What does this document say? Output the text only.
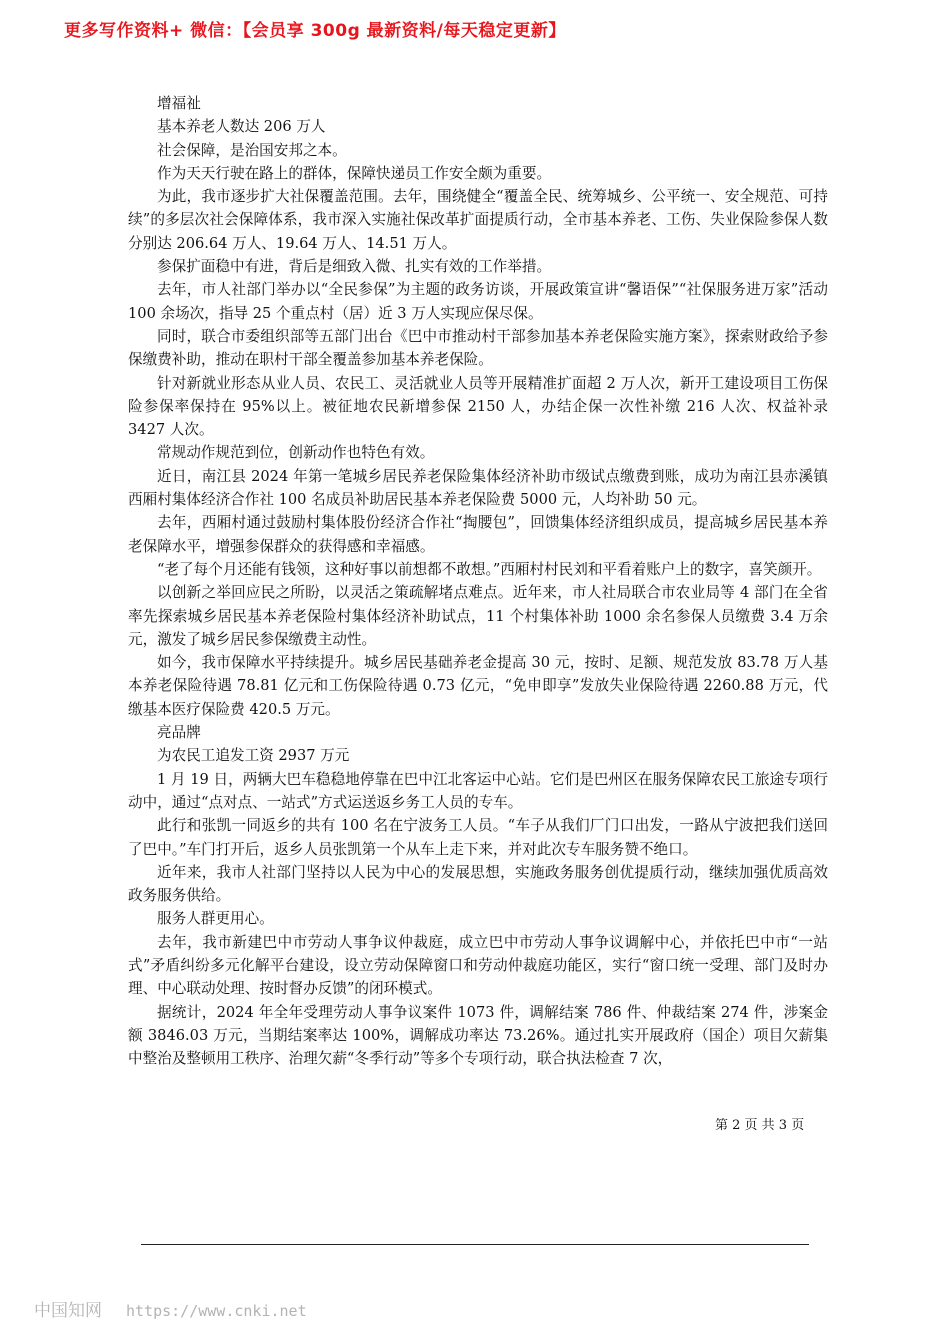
更多写作资料+ 微信：【会员享 300g 最新资料/每天稳定更新】

增福祉

基本养老人数达 206 万人

社会保障，是治国安邦之本。

作为天天行驶在路上的群体，保障快递员工作安全颇为重要。

为此，我市逐步扩大社保覆盖范围。去年，围绕健全“覆盖全民、统筹城乡、公平统一、安全规范、可持续”的多层次社会保障体系，我市深入实施社保改革扩面提质行动，全市基本养老、工伤、失业保险参保人数分别达 206.64 万人、19.64 万人、14.51 万人。

参保扩面稳中有进，背后是细致入微、扎实有效的工作举措。

去年，市人社部门举办以“全民参保”为主题的政务访谈，开展政策宣讲“馨语保”“社保服务进万家”活动 100 余场次，指导 25 个重点村（居）近 3 万人实现应保尽保。

同时，联合市委组织部等五部门出台《巴中市推动村干部参加基本养老保险实施方案》，探索财政给予参保缴费补助，推动在职村干部全覆盖参加基本养老保险。

针对新就业形态从业人员、农民工、灵活就业人员等开展精准扩面超 2 万人次，新开工建设项目工伤保险参保率保持在 95%以上。被征地农民新增参保 2150 人，办结企保一次性补缴 216 人次、权益补录 3427 人次。

常规动作规范到位，创新动作也特色有效。

近日，南江县 2024 年第一笔城乡居民养老保险集体经济补助市级试点缴费到账，成功为南江县赤溪镇西厢村集体经济合作社 100 名成员补助居民基本养老保险费 5000 元，人均补助 50 元。

去年，西厢村通过鼓励村集体股份经济合作社“掏腰包”，回馈集体经济组织成员，提高城乡居民基本养老保障水平，增强参保群众的获得感和幸福感。

“老了每个月还能有钱领，这种好事以前想都不敢想。”西厢村村民刘和平看着账户上的数字，喜笑颜开。

以创新之举回应民之所盼，以灵活之策疏解堵点难点。近年来，市人社局联合市农业局等 4 部门在全省率先探索城乡居民基本养老保险村集体经济补助试点，11 个村集体补助 1000 余名参保人员缴费 3.4 万余元，激发了城乡居民参保缴费主动性。

如今，我市保障水平持续提升。城乡居民基础养老金提高 30 元，按时、足额、规范发放 83.78 万人基本养老保险待遇 78.81 亿元和工伤保险待遇 0.73 亿元，“免申即享”发放失业保险待遇 2260.88 万元，代缴基本医疗保险费 420.5 万元。

亮品牌

为农民工追发工资 2937 万元

1 月 19 日，两辆大巴车稳稳地停靠在巴中江北客运中心站。它们是巴州区在服务保障农民工旅途专项行动中，通过“点对点、一站式”方式运送返乡务工人员的专车。

此行和张凯一同返乡的共有 100 名在宁波务工人员。“车子从我们厂门口出发，一路从宁波把我们送回了巴中。”车门打开后，返乡人员张凯第一个从车上走下来，并对此次专车服务赞不绝口。

近年来，我市人社部门坚持以人民为中心的发展思想，实施政务服务创优提质行动，继续加强优质高效政务服务供给。

服务人群更用心。

去年，我市新建巴中市劳动人事争议仲裁庭，成立巴中市劳动人事争议调解中心，并依托巴中市“一站式”矛盾纠纷多元化解平台建设，设立劳动保障窗口和劳动仲裁庭功能区，实行“窗口统一受理、部门及时办理、中心联动处理、按时督办反馈”的闭环模式。

据统计，2024 年全年受理劳动人事争议案件 1073 件，调解结案 786 件、仲裁结案 274 件，涉案金额 3846.03 万元，当期结案率达 100%，调解成功率达 73.26%。通过扎实开展政府（国企）项目欠薪集中整治及整顿用工秩序、治理欠薪“冬季行动”等多个专项行动，联合执法检查 7 次，

第 2 页 共 3 页
中国知网 https://www.cnki.net
